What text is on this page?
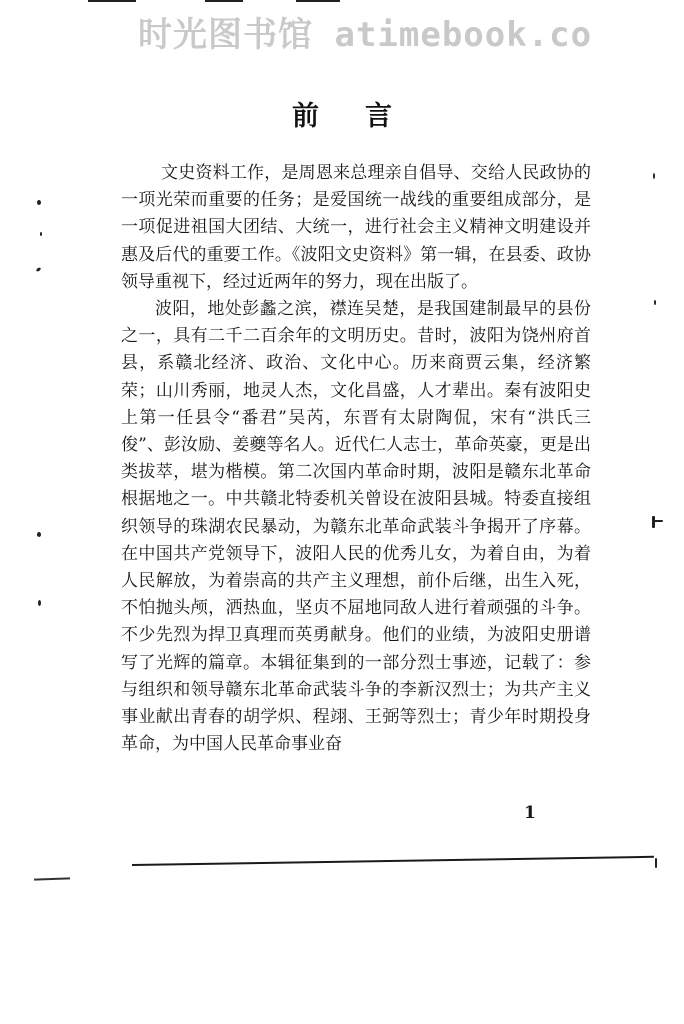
时光图书馆 atimebook.co
前言

文史资料工作，是周恩来总理亲自倡导、交给人民政协的一项光荣而重要的任务；是爱国统一战线的重要组成部分，是一项促进祖国大团结、大统一，进行社会主义精神文明建设并惠及后代的重要工作。《波阳文史资料》第一辑，在县委、政协领导重视下，经过近两年的努力，现在出版了。

波阳，地处彭蠡之滨，襟连吴楚，是我国建制最早的县份之一，具有二千二百余年的文明历史。昔时，波阳为饶州府首县，系赣北经济、政治、文化中心。历来商贾云集，经济繁荣；山川秀丽，地灵人杰，文化昌盛，人才辈出。秦有波阳史上第一任县令“番君”吴芮，东晋有太尉陶侃，宋有“洪氏三俊”、彭汝励、姜夔等名人。近代仁人志士，革命英豪，更是出类拔萃，堪为楷模。第二次国内革命时期，波阳是赣东北革命根据地之一。中共赣北特委机关曾设在波阳县城。特委直接组织领导的珠湖农民暴动，为赣东北革命武装斗争揭开了序幕。在中国共产党领导下，波阳人民的优秀儿女，为着自由，为着人民解放，为着崇高的共产主义理想，前仆后继，出生入死，不怕抛头颅，洒热血，坚贞不屈地同敌人进行着顽强的斗争。不少先烈为捍卫真理而英勇献身。他们的业绩，为波阳史册谱写了光辉的篇章。本辑征集到的一部分烈士事迹，记载了：参与组织和领导赣东北革命武装斗争的李新汉烈士；为共产主义事业献出青春的胡学炽、程翊、王弼等烈士；青少年时期投身革命，为中国人民革命事业奋

1
